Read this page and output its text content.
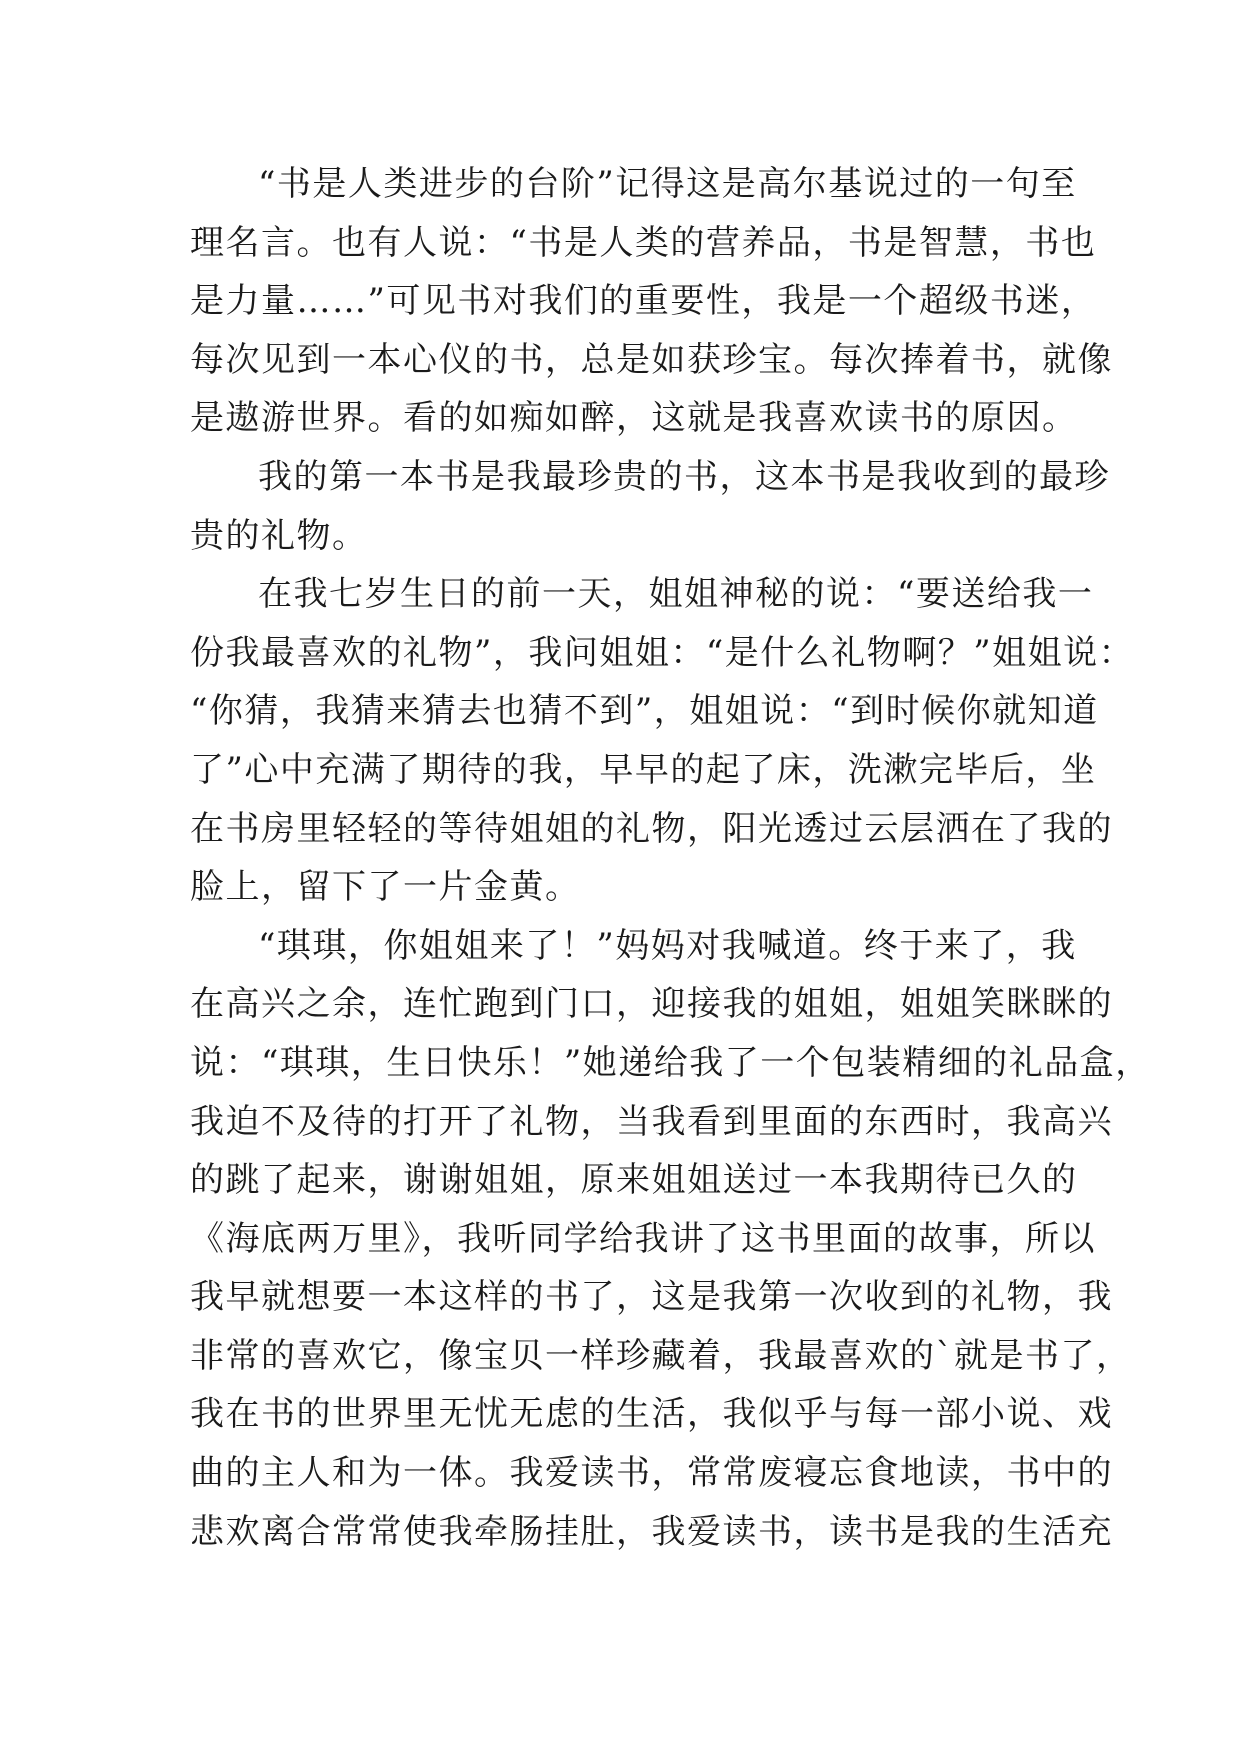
“书是人类进步的台阶”记得这是高尔基说过的一句至
理名言。也有人说：“书是人类的营养品，书是智慧，书也
是力量……”可见书对我们的重要性，我是一个超级书迷，
每次见到一本心仪的书，总是如获珍宝。每次捧着书，就像
是遨游世界。看的如痴如醉，这就是我喜欢读书的原因。
我的第一本书是我最珍贵的书，这本书是我收到的最珍
贵的礼物。
在我七岁生日的前一天，姐姐神秘的说：“要送给我一
份我最喜欢的礼物”，我问姐姐：“是什么礼物啊？”姐姐说：
“你猜，我猜来猜去也猜不到”，姐姐说：“到时候你就知道
了”心中充满了期待的我，早早的起了床，洗漱完毕后，坐
在书房里轻轻的等待姐姐的礼物，阳光透过云层洒在了我的
脸上，留下了一片金黄。
“琪琪，你姐姐来了！”妈妈对我喊道。终于来了，我
在高兴之余，连忙跑到门口，迎接我的姐姐，姐姐笑眯眯的
说：“琪琪，生日快乐！”她递给我了一个包装精细的礼品盒，
我迫不及待的打开了礼物，当我看到里面的东西时，我高兴
的跳了起来，谢谢姐姐，原来姐姐送过一本我期待已久的
《海底两万里》，我听同学给我讲了这书里面的故事，所以
我早就想要一本这样的书了，这是我第一次收到的礼物，我
非常的喜欢它，像宝贝一样珍藏着，我最喜欢的`就是书了，
我在书的世界里无忧无虑的生活，我似乎与每一部小说、戏
曲的主人和为一体。我爱读书，常常废寝忘食地读，书中的
悲欢离合常常使我牵肠挂肚，我爱读书，读书是我的生活充
